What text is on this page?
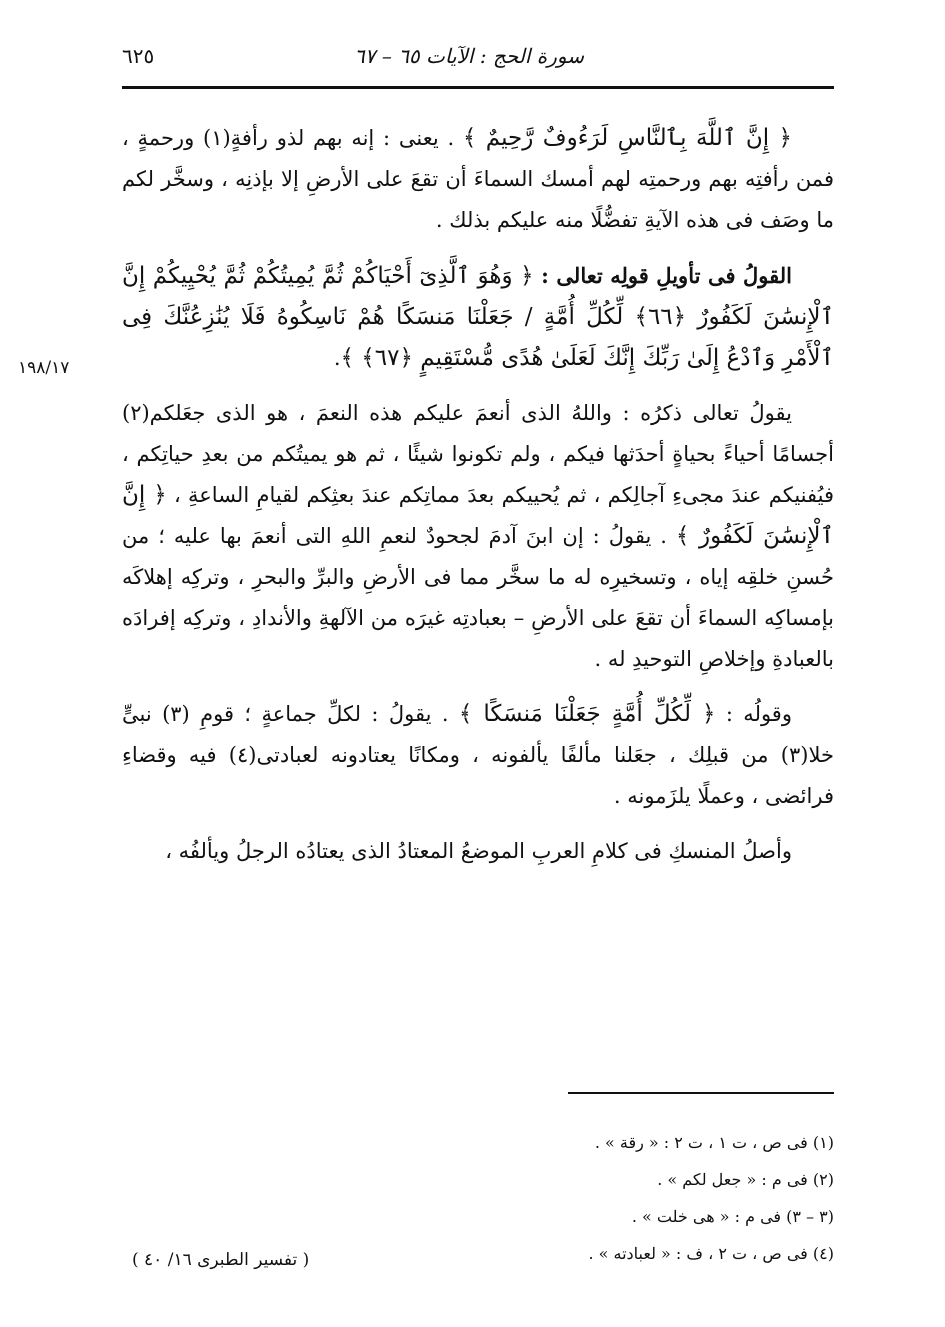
٦٢٥	سورة الحج : الآيات ٦٥ – ٦٧
١٩٨/١٧

﴿ إِنَّ ٱللَّهَ بِٱلنَّاسِ لَرَءُوفٌ رَّحِيمٌ ﴾ . يعنى : إنه بهم لذو رأفةٍ(١) ورحمةٍ ، فمن رأفتِه بهم ورحمتِه لهم أمسك السماءَ أن تقعَ على الأرضِ إلا بإذنِه ، وسخَّر لكم ما وصَف فى هذه الآيةِ تفضُّلًا منه عليكم بذلك .

القولُ فى تأويلِ قولِه تعالى : ﴿ وَهُوَ ٱلَّذِىٓ أَحْيَاكُمْ ثُمَّ يُمِيتُكُمْ ثُمَّ يُحْيِيكُمْ إِنَّ ٱلْإِنسَٰنَ لَكَفُورٌ ﴿٦٦﴾ لِّكُلِّ أُمَّةٍ / جَعَلْنَا مَنسَكًا هُمْ نَاسِكُوهُ فَلَا يُنَٰزِعُنَّكَ فِى ٱلْأَمْرِ وَٱدْعُ إِلَىٰ رَبِّكَ إِنَّكَ لَعَلَىٰ هُدًى مُّسْتَقِيمٍ ﴿٦٧﴾ ﴾.

يقولُ تعالى ذكرُه : واللهُ الذى أنعمَ عليكم هذه النعمَ ، هو الذى جعَلكم(٢) أجسامًا أحياءً بحياةٍ أحدَثها فيكم ، ولم تكونوا شيئًا ، ثم هو يميتُكم من بعدِ حياتِكم ، فيُفنيكم عندَ مجىءِ آجالِكم ، ثم يُحييكم بعدَ مماتِكم عندَ بعثِكم لقيامِ الساعةِ ، ﴿ إِنَّ ٱلْإِنسَٰنَ لَكَفُورٌ ﴾ . يقولُ : إن ابنَ آدمَ لجحودٌ لنعمِ اللهِ التى أنعمَ بها عليه ؛ من حُسنِ خلقِه إياه ، وتسخيرِه له ما سخَّر مما فى الأرضِ والبرِّ والبحرِ ، وتركِه إهلاكَه بإمساكِه السماءَ أن تقعَ على الأرضِ – بعبادتِه غيرَه من الآلهةِ والأندادِ ، وتركِه إفرادَه بالعبادةِ وإخلاصِ التوحيدِ له .

وقولُه : ﴿ لِّكُلِّ أُمَّةٍ جَعَلْنَا مَنسَكًا ﴾ . يقولُ : لكلِّ جماعةٍ ؛ قومِ (٣) نبىٍّ خلا(٣) من قبلِك ، جعَلنا مألفًا يألفونه ، ومكانًا يعتادونه لعبادتى(٤) فيه وقضاءِ فرائضى ، وعملًا يلزَمونه .

وأصلُ المنسكِ فى كلامِ العربِ الموضعُ المعتادُ الذى يعتادُه الرجلُ ويألفُه ،

(١) فى ص ، ت ١ ، ت ٢ : « رقة » .

(٢) فى م : « جعل لكم » .

(٣ – ٣) فى م : « هى خلت » .

(٤) فى ص ، ت ٢ ، ف : « لعبادته » .

( تفسير الطبرى ١٦/ ٤٠ )
